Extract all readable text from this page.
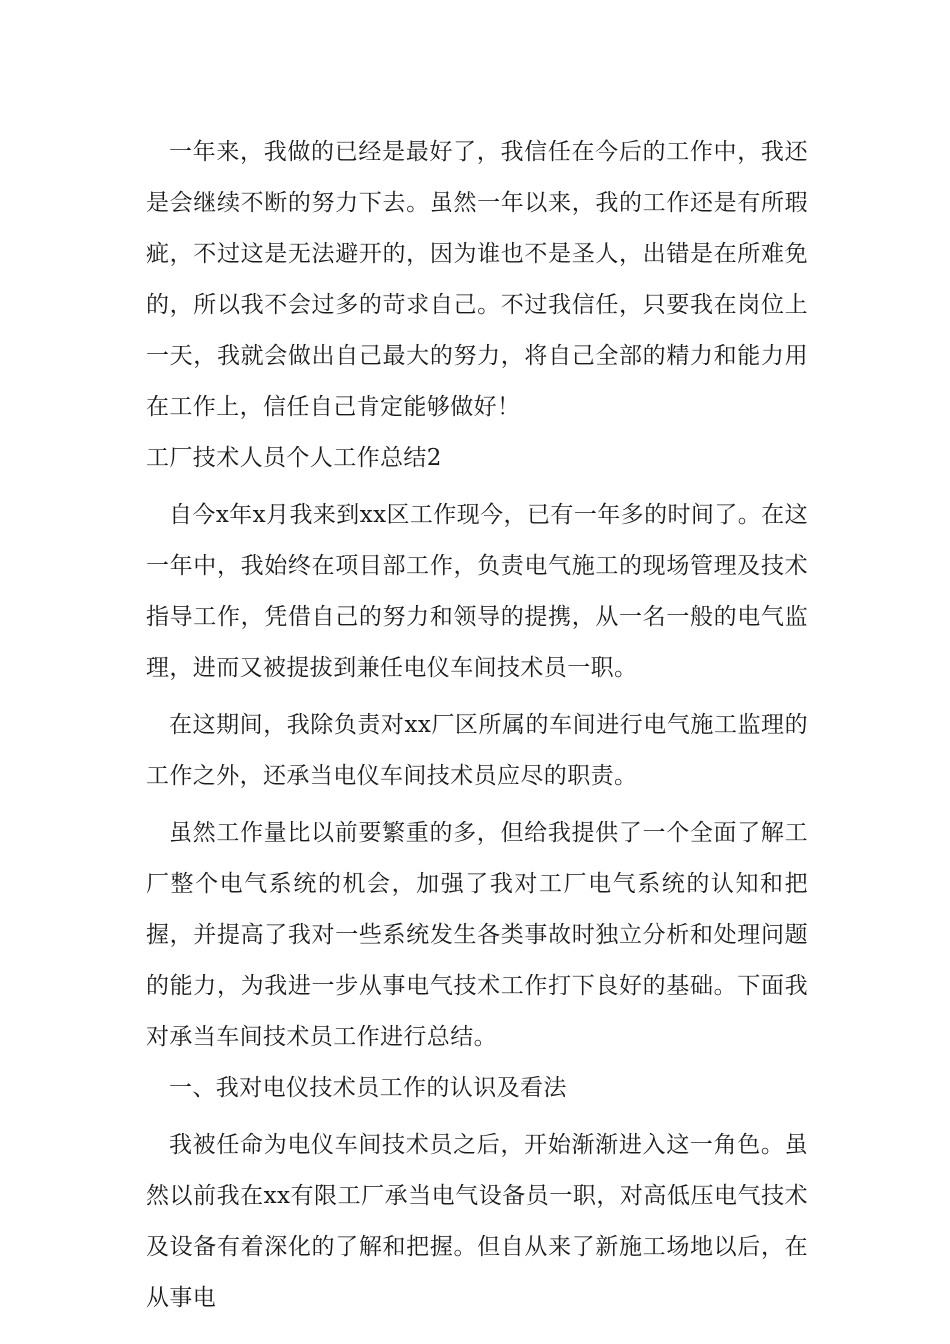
一年来，我做的已经是最好了，我信任在今后的工作中，我还是会继续不断的努力下去。虽然一年以来，我的工作还是有所瑕疵，不过这是无法避开的，因为谁也不是圣人，出错是在所难免的，所以我不会过多的苛求自己。不过我信任，只要我在岗位上一天，我就会做出自己最大的努力，将自己全部的精力和能力用在工作上，信任自己肯定能够做好！

工厂技术人员个人工作总结2

自今x年x月我来到xx区工作现今，已有一年多的时间了。在这一年中，我始终在项目部工作，负责电气施工的现场管理及技术指导工作，凭借自己的努力和领导的提携，从一名一般的电气监理，进而又被提拔到兼任电仪车间技术员一职。

在这期间，我除负责对xx厂区所属的车间进行电气施工监理的工作之外，还承当电仪车间技术员应尽的职责。

虽然工作量比以前要繁重的多，但给我提供了一个全面了解工厂整个电气系统的机会，加强了我对工厂电气系统的认知和把握，并提高了我对一些系统发生各类事故时独立分析和处理问题的能力，为我进一步从事电气技术工作打下良好的基础。下面我对承当车间技术员工作进行总结。

一、我对电仪技术员工作的认识及看法

我被任命为电仪车间技术员之后，开始渐渐进入这一角色。虽然以前我在xx有限工厂承当电气设备员一职，对高低压电气技术及设备有着深化的了解和把握。但自从来了新施工场地以后，在从事电
